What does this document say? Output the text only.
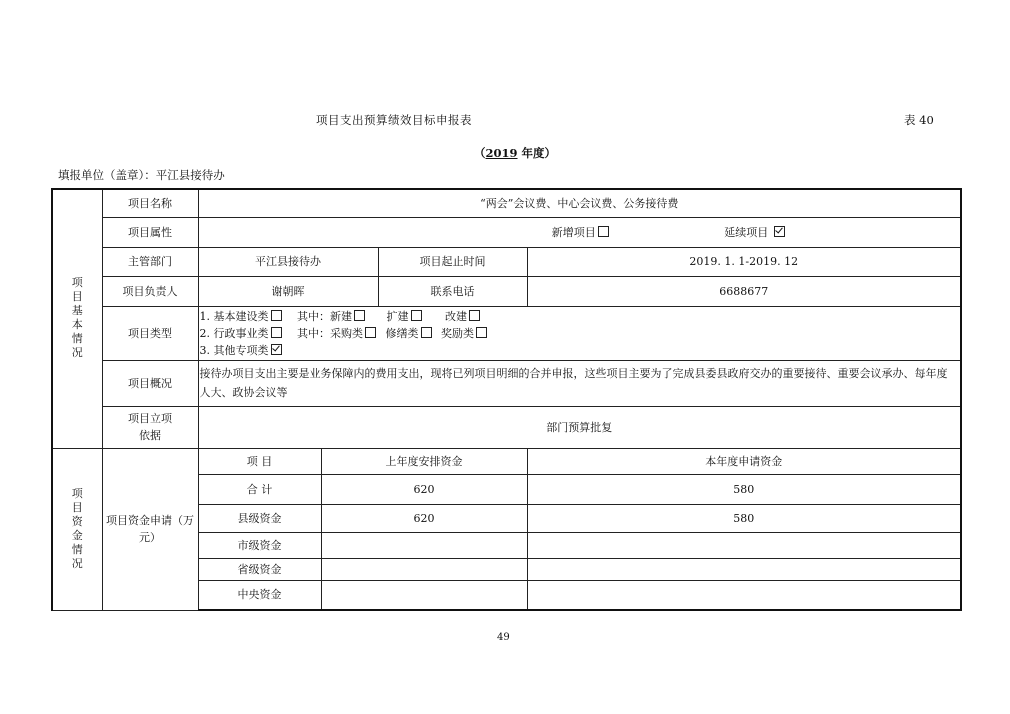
项目支出预算绩效目标申报表	表 40
（2019 年度）
填报单位（盖章）：平江县接待办
项目基本情况	项目名称	“两会”会议费、中心会议费、公务接待费			
	项目属性	新增项目 延续项目			
	主管部门	平江县接待办		项目起止时间	2019. 1. 1-2019. 12
	项目负责人	谢朝晖		联系电话	6688677
	项目类型	1. 基本建设类 其中：新建 扩建 改建
2. 行政事业类 其中：采购类 修缮类 奖励类
3. 其他专项类			

	项目概况	接待办项目支出主要是业务保障内的费用支出，现将已列项目明细的合并申报，这些项目主要为了完成县委县政府交办的重要接待、重要会议承办、每年度人大、政协会议等			
	项目立项
依据	部门预算批复			

项目资金情况	项目资金申请（万元）	项 目	上年度安排资金		本年度申请资金
		合 计	620		580
		县级资金	620		580
		市级资金			
		省级资金			
		中央资金			
49
